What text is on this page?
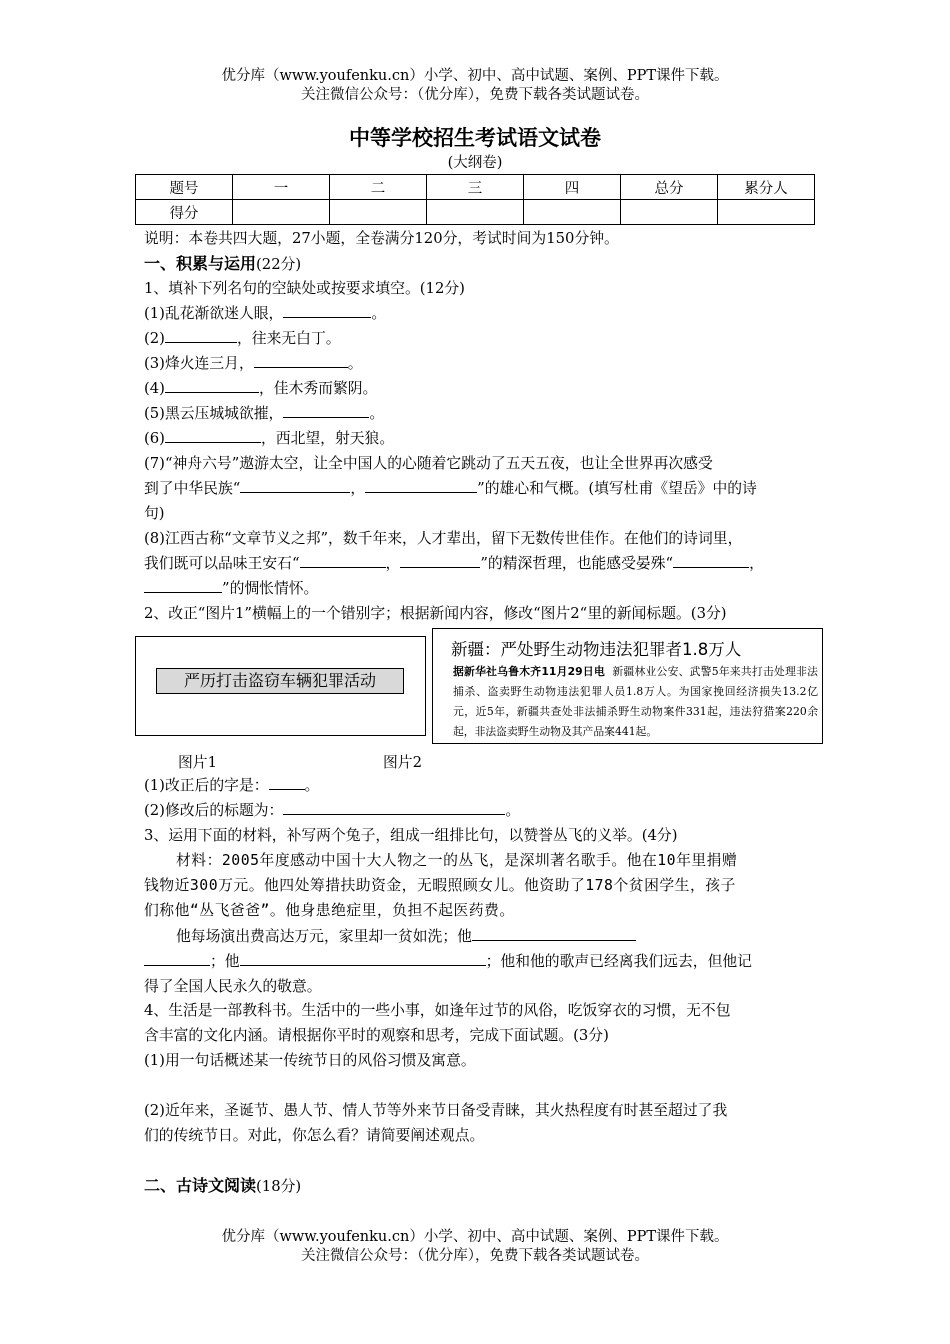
优分库（www.youfenku.cn）小学、初中、高中试题、案例、PPT课件下载。
关注微信公众号：（优分库），免费下载各类试题试卷。
中等学校招生考试语文试卷
(大纲卷)
题号	一	二	三	四	总分	累分人
得分						
说明：本卷共四大题，27小题，全卷满分120分，考试时间为150分钟。
一、积累与运用(22分)
1、填补下列名句的空缺处或按要求填空。(12分)
(1)乱花渐欲迷人眼，	。
(2)	，往来无白丁。
(3)烽火连三月，	。
(4)	，佳木秀而繁阴。
(5)黑云压城城欲摧，	。
(6)	，西北望，射天狼。
(7)“神舟六号”遨游太空，让全中国人的心随着它跳动了五天五夜，也让全世界再次感受
到了中华民族“	，	”的雄心和气概。(填写杜甫《望岳》中的诗
句)
(8)江西古称“文章节义之邦”，数千年来，人才辈出，留下无数传世佳作。在他们的诗词里，
我们既可以品味王安石“	，	”的精深哲理，也能感受晏殊“	，
”的惆怅情怀。
2、改正“图片1”横幅上的一个错别字；根据新闻内容，修改“图片2“里的新闻标题。(3分)
严历打击盗窃车辆犯罪活动
新疆：严处野生动物违法犯罪者1.8万人
据新华社乌鲁木齐11月29日电 新疆林业公安、武警5年来共打击处理非法捕杀、盗卖野生动物违法犯罪人员1.8万人。为国家挽回经济损失13.2亿元，近5年，新疆共查处非法捕杀野生动物案件331起，违法狩猎案220余起，非法盗卖野生动物及其产品案441起。
图片1	图片2
(1)改正后的字是： 。
(2)修改后的标题为：	。
3、运用下面的材料，补写两个兔子，组成一组排比句，以赞誉丛飞的义举。(4分)
材料：2005年度感动中国十大人物之一的丛飞，是深圳著名歌手。他在10年里捐赠
钱物近300万元。他四处筹措扶助资金，无暇照顾女儿。他资助了178个贫困学生，孩子
们称他“丛飞爸爸”。他身患绝症里，负担不起医药费。
他每场演出费高达万元，家里却一贫如洗；他
；他	；他和他的歌声已经离我们远去，但他记
得了全国人民永久的敬意。
4、生活是一部教科书。生活中的一些小事，如逢年过节的风俗，吃饭穿衣的习惯，无不包
含丰富的文化内涵。请根据你平时的观察和思考，完成下面试题。(3分)
(1)用一句话概述某一传统节日的风俗习惯及寓意。
(2)近年来，圣诞节、愚人节、情人节等外来节日备受青睐，其火热程度有时甚至超过了我
们的传统节日。对此，你怎么看？请简要阐述观点。
二、古诗文阅读(18分)
优分库（www.youfenku.cn）小学、初中、高中试题、案例、PPT课件下载。
关注微信公众号：（优分库），免费下载各类试题试卷。
